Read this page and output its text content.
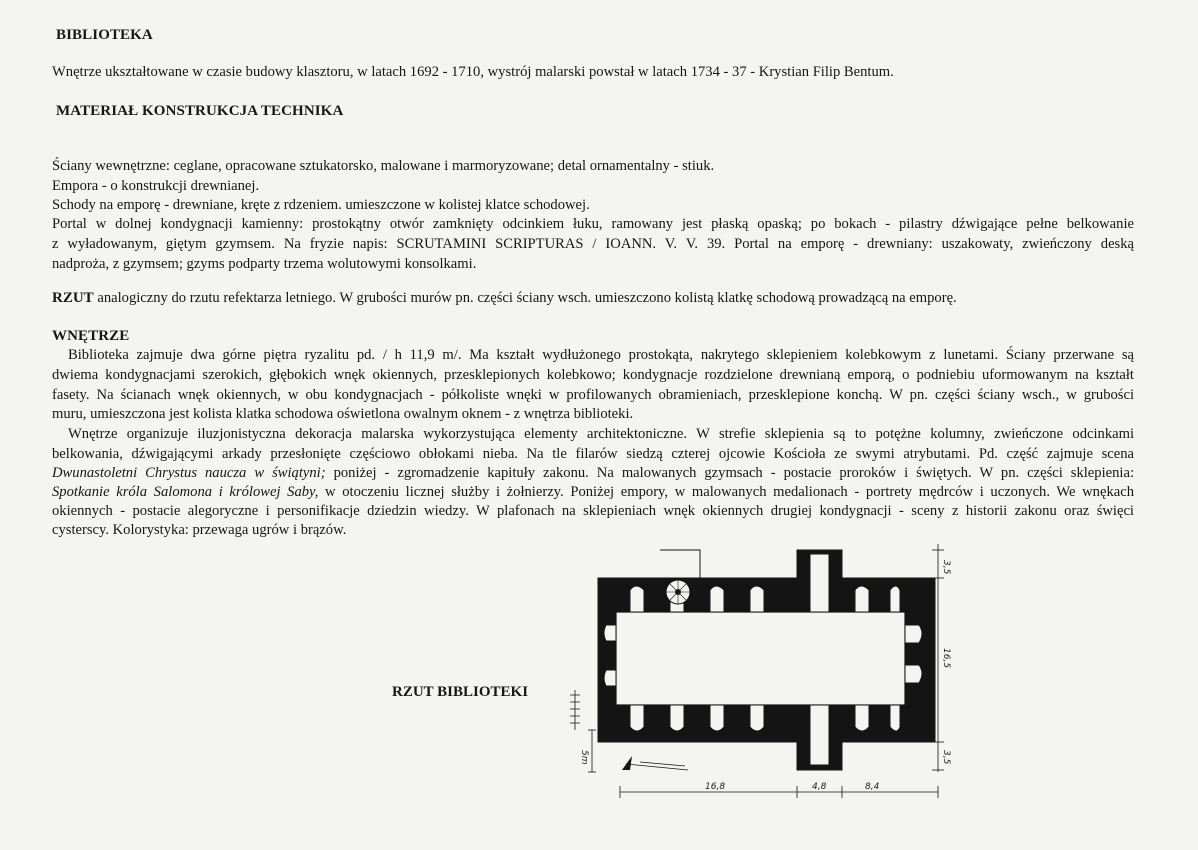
BIBLIOTEKA
Wnętrze ukształtowane w czasie budowy klasztoru, w latach 1692 - 1710, wystrój malarski powstał w latach 1734 - 37 - Krystian Filip Bentum.
MATERIAŁ KONSTRUKCJA TECHNIKA
Ściany wewnętrzne: ceglane, opracowane sztukatorsko, malowane i marmoryzowane; detal ornamentalny - stiuk.
Empora - o konstrukcji drewnianej.
Schody na emporę - drewniane, kręte z rdzeniem. umieszczone w kolistej klatce schodowej.
Portal w dolnej kondygnacji kamienny: prostokątny otwór zamknięty odcinkiem łuku, ramowany jest płaską opaską; po bokach - pilastry dźwigające pełne belkowanie
z wyładowanym, giętym gzymsem. Na fryzie napis: SCRUTAMINI SCRIPTURAS / IOANN. V. V. 39. Portal na emporę - drewniany: uszakowaty, zwieńczony deską
nadproża, z gzymsem; gzyms podparty trzema wolutowymi konsolkami.
RZUT analogiczny do rzutu refektarza letniego. W grubości murów pn. części ściany wsch. umieszczono kolistą klatkę schodową prowadzącą na emporę.
WNĘTRZE
Biblioteka zajmuje dwa górne piętra ryzalitu pd. / h 11,9 m/. Ma kształt wydłużonego prostokąta, nakrytego sklepieniem kolebkowym z lunetami. Ściany przerwane są
dwiema kondygnacjami szerokich, głębokich wnęk okiennych, przesklepionych kolebkowo; kondygnacje rozdzielone drewnianą emporą, o podniebiu uformowanym na kształt
fasety. Na ścianach wnęk okiennych, w obu kondygnacjach - półkoliste wnęki w profilowanych obramieniach, przesklepione konchą. W pn. części ściany wsch., w grubości
muru, umieszczona jest kolista klatka schodowa oświetlona owalnym oknem - z wnętrza biblioteki.
Wnętrze organizuje iluzjonistyczna dekoracja malarska wykorzystująca elementy architektoniczne. W strefie sklepienia są to potężne kolumny, zwieńczone odcinkami
belkowania, dźwigającymi arkady przesłonięte częściowo obłokami nieba. Na tle filarów siedzą czterej ojcowie Kościoła ze swymi atrybutami. Pd. część zajmuje scena
Dwunastoletni Chrystus naucza w świątyni; poniżej - zgromadzenie kapituły zakonu. Na malowanych gzymsach - postacie proroków i świętych. W pn. części sklepienia:
Spotkanie króla Salomona i królowej Saby, w otoczeniu licznej służby i żołnierzy. Poniżej empory, w malowanych medalionach - portrety mędrców i uczonych. We wnękach
okiennych - postacie alegoryczne i personifikacje dziedzin wiedzy. W plafonach na sklepieniach wnęk okiennych drugiej kondygnacji - sceny z historii zakonu oraz święci
cysterscy. Kolorystyka: przewaga ugrów i brązów.
RZUT BIBLIOTEKI
16,8	4,8	8,4
3,5
16,5
3,5
5m
